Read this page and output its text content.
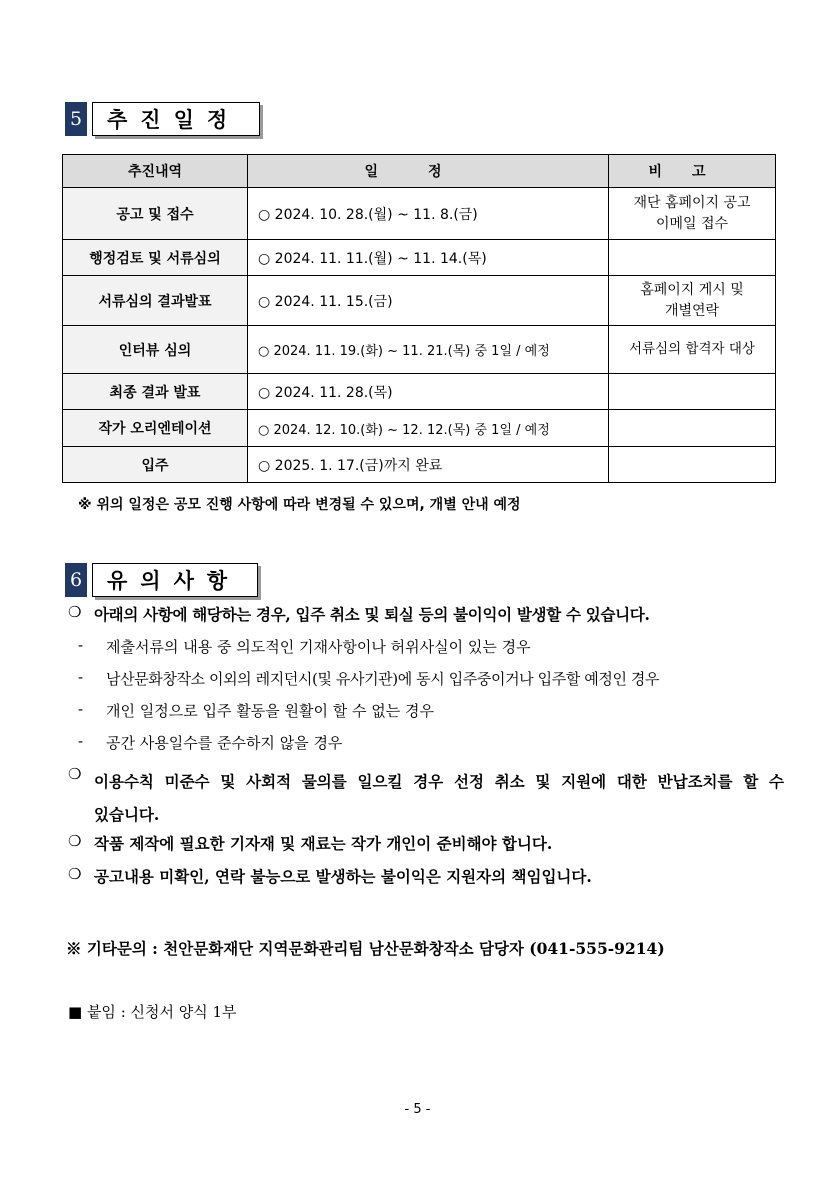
5	추진일정
추진내역	일정	비고
공고 및 접수	○ 2024. 10. 28.(월) ~ 11. 8.(금)	재단 홈페이지 공고
이메일 접수
행정검토 및 서류심의	○ 2024. 11. 11.(월) ~ 11. 14.(목)	
서류심의 결과발표	○ 2024. 11. 15.(금)	홈페이지 게시 및
개별연락
인터뷰 심의	○ 2024. 11. 19.(화) ~ 11. 21.(목) 중 1일 / 예정	서류심의 합격자 대상
최종 결과 발표	○ 2024. 11. 28.(목)	
작가 오리엔테이션	○ 2024. 12. 10.(화) ~ 12. 12.(목) 중 1일 / 예정	
입주	○ 2025. 1. 17.(금)까지 완료	
※ 위의 일정은 공모 진행 사항에 따라 변경될 수 있으며, 개별 안내 예정
6	유의사항
❍ 아래의 사항에 해당하는 경우, 입주 취소 및 퇴실 등의 불이익이 발생할 수 있습니다.
-	제출서류의 내용 중 의도적인 기재사항이나 허위사실이 있는 경우
-	남산문화창작소 이외의 레지던시(및 유사기관)에 동시 입주중이거나 입주할 예정인 경우
-	개인 일정으로 입주 활동을 원활이 할 수 없는 경우
-	공간 사용일수를 준수하지 않을 경우
❍ 이용수칙 미준수 및 사회적 물의를 일으킬 경우 선정 취소 및 지원에 대한 반납조치를 할 수 있습니다.
❍ 작품 제작에 필요한 기자재 및 재료는 작가 개인이 준비해야 합니다.
❍ 공고내용 미확인, 연락 불능으로 발생하는 불이익은 지원자의 책임입니다.
※ 기타문의 : 천안문화재단 지역문화관리팀 남산문화창작소 담당자 (041-555-9214)
■ 붙임 : 신청서 양식 1부
- 5 -
